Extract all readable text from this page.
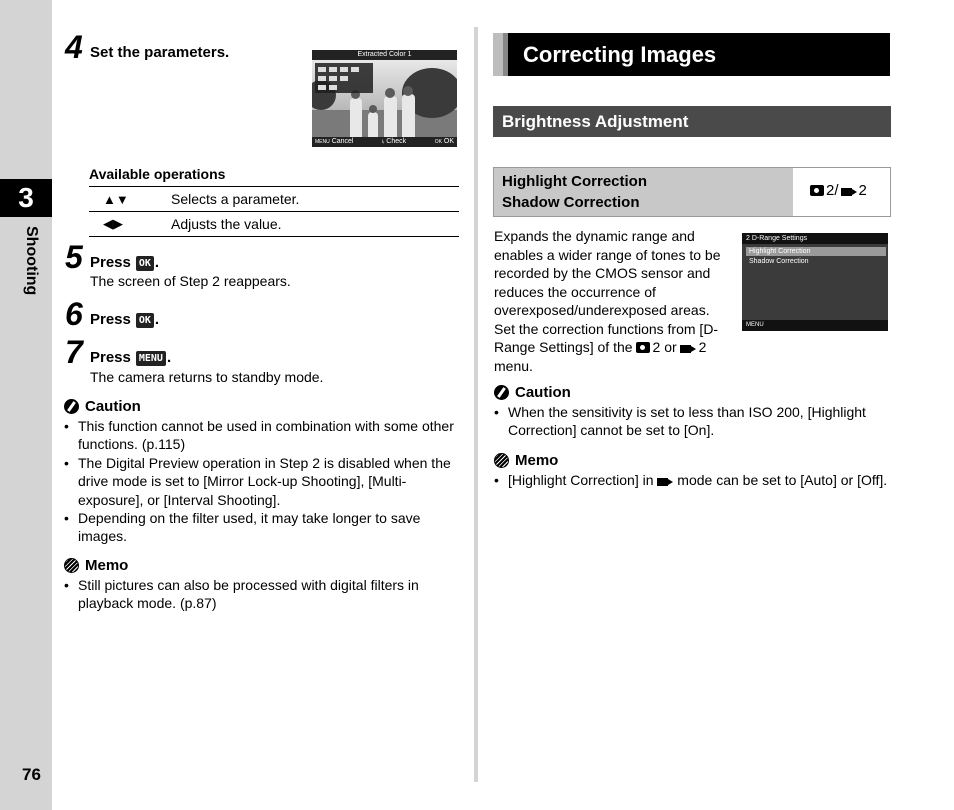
3
Shooting
76
4 Set the parameters.	Extracted Color 1
MENU Cancel	iᵣ Check	OK OK
Available operations
▲▼	Selects a parameter.
◀▶	Adjusts the value.
5 Press OK .
The screen of Step 2 reappears.
6 Press OK .
7 Press MENU .
The camera returns to standby mode.
Caution
• This function cannot be used in combination with some other functions. (p.115)
• The Digital Preview operation in Step 2 is disabled when the drive mode is set to [Mirror Lock-up Shooting], [Multi-exposure], or [Interval Shooting].
• Depending on the filter used, it may take longer to save images.
Memo
• Still pictures can also be processed with digital filters in playback mode. (p.87)
Correcting Images
Brightness Adjustment
Highlight Correction
Shadow Correction
2/ 2
Expands the dynamic range and
enables a wider range of tones to be
recorded by the CMOS sensor and
reduces the occurrence of
overexposed/underexposed areas.
Set the correction functions from [D-
Range Settings] of the 2 or 2
menu.
2 D-Range Settings
Highlight Correction
Shadow Correction
MENU
Caution
• When the sensitivity is set to less than ISO 200, [Highlight Correction] cannot be set to [On].
Memo
• [Highlight Correction] in mode can be set to [Auto] or [Off].
